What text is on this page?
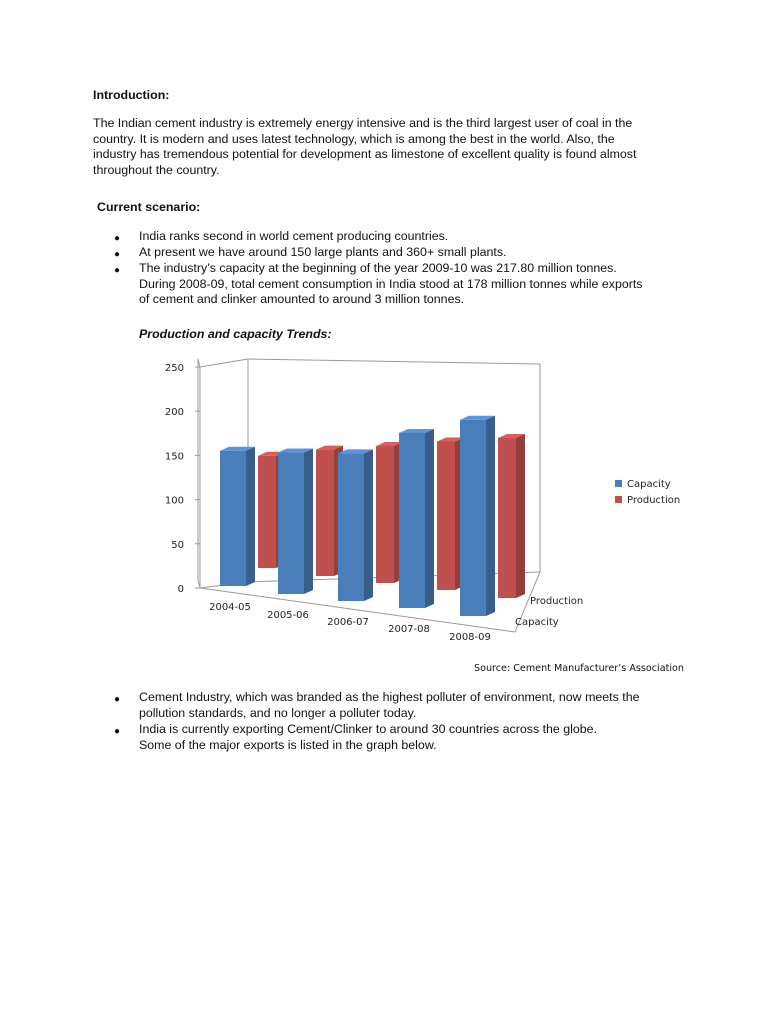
Introduction:
The Indian cement industry is extremely energy intensive and is the third largest user of coal in the
country. It is modern and uses latest technology, which is among the best in the world. Also, the
industry has tremendous potential for development as limestone of excellent quality is found almost
throughout the country.
Current scenario:
● India ranks second in world cement producing countries.
● At present we have around 150 large plants and 360+ small plants.
● The industry’s capacity at the beginning of the year 2009-10 was 217.80 million tonnes.
During 2008-09, total cement consumption in India stood at 178 million tonnes while exports
of cement and clinker amounted to around 3 million tonnes.
Production and capacity Trends:
0
50
100
150
200
250
2004-05
2005-06
2006-07
2007-08
2008-09
Production
Capacity
Capacity
Production
Source: Cement Manufacturer’s Association
● Cement Industry, which was branded as the highest polluter of environment, now meets the
pollution standards, and no longer a polluter today.
● India is currently exporting Cement/Clinker to around 30 countries across the globe.
Some of the major exports is listed in the graph below.
